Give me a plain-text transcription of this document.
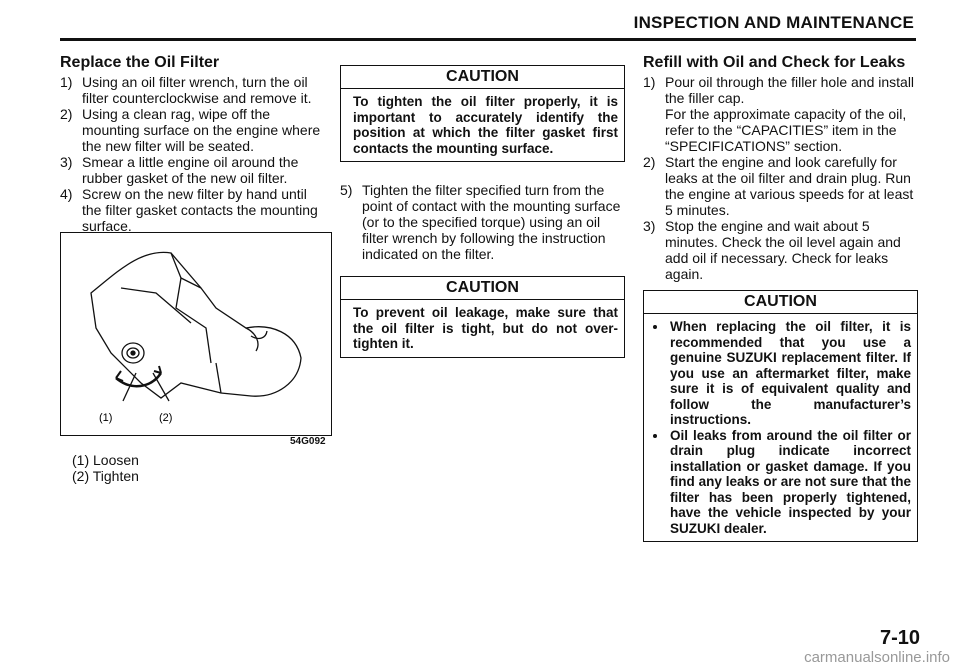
INSPECTION AND MAINTENANCE
Replace the Oil Filter
1) Using an oil filter wrench, turn the oil filter counterclockwise and remove it.
2) Using a clean rag, wipe off the mounting surface on the engine where the new filter will be seated.
3) Smear a little engine oil around the rubber gasket of the new oil filter.
4) Screw on the new filter by hand until the filter gasket contacts the mounting surface.
(1)	(2)
54G092
(1) Loosen
(2) Tighten
CAUTION
To tighten the oil filter properly, it is important to accurately identify the position at which the filter gasket first contacts the mounting surface.
5) Tighten the filter specified turn from the point of contact with the mounting surface (or to the specified torque) using an oil filter wrench by following the instruction indicated on the filter.
CAUTION
To prevent oil leakage, make sure that the oil filter is tight, but do not over-tighten it.
Refill with Oil and Check for Leaks
1) Pour oil through the filler hole and install the filler cap.
For the approximate capacity of the oil, refer to the “CAPACITIES” item in the “SPECIFICATIONS” section.
2) Start the engine and look carefully for leaks at the oil filter and drain plug. Run the engine at various speeds for at least 5 minutes.
3) Stop the engine and wait about 5 minutes. Check the oil level again and add oil if necessary. Check for leaks again.
CAUTION
• When replacing the oil filter, it is recommended that you use a genuine SUZUKI replacement filter. If you use an aftermarket filter, make sure it is of equivalent quality and follow the manufacturer’s instructions.
• Oil leaks from around the oil filter or drain plug indicate incorrect installation or gasket damage. If you find any leaks or are not sure that the filter has been properly tightened, have the vehicle inspected by your SUZUKI dealer.
7-10
carmanualsonline.info
